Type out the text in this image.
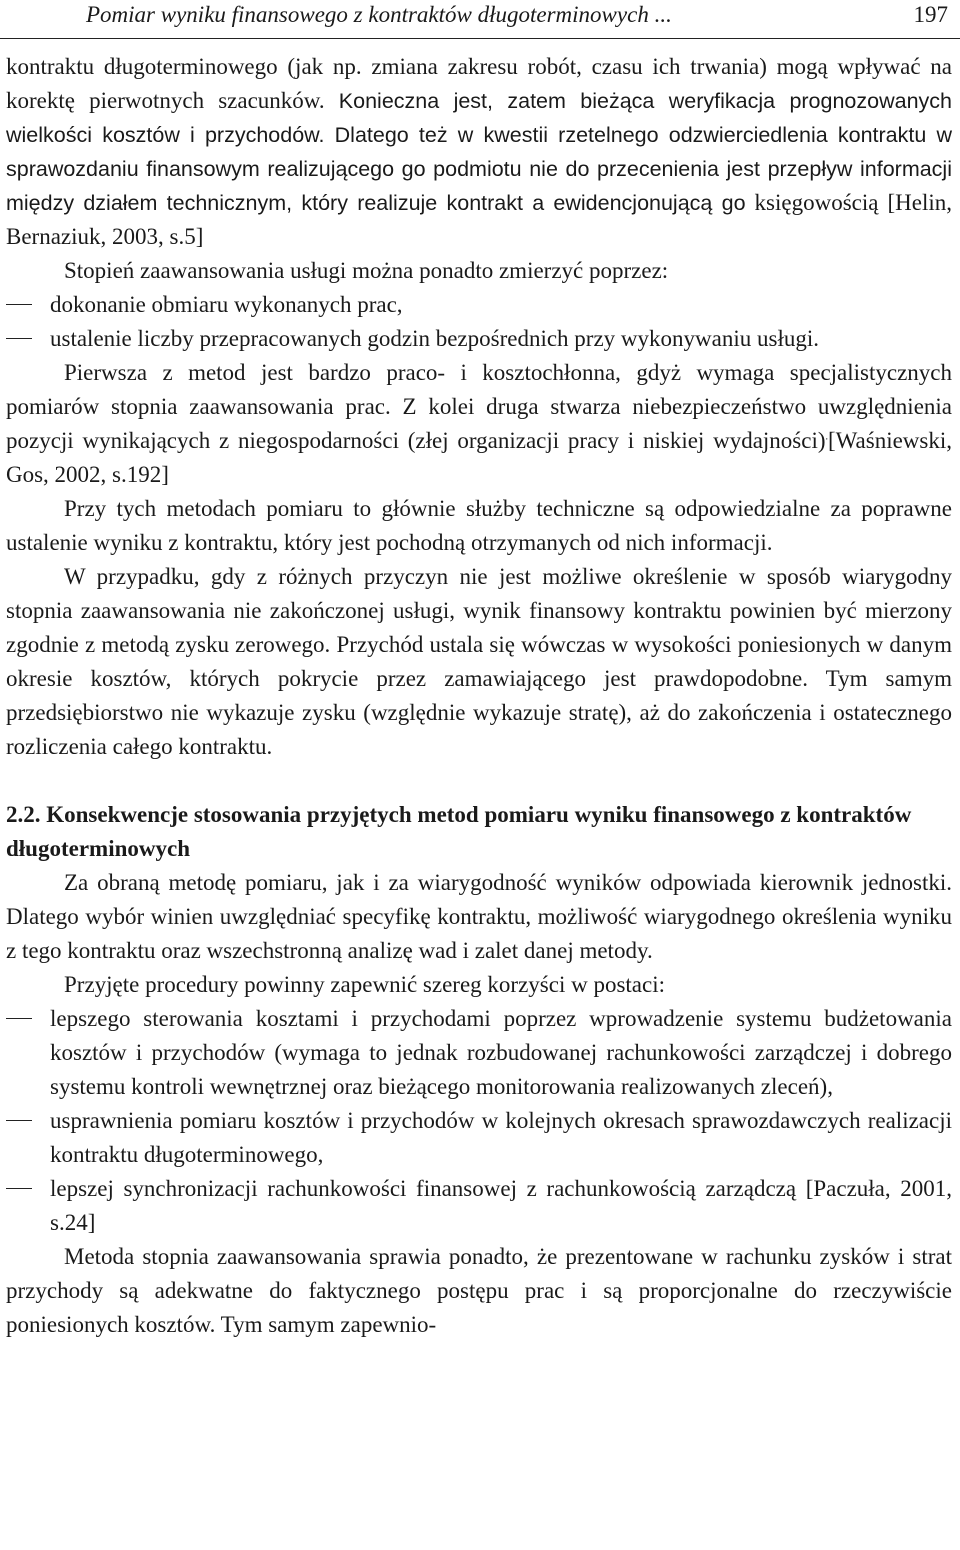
Pomiar wyniku finansowego z kontraktów długoterminowych ...	197

kontraktu długoterminowego (jak np. zmiana zakresu robót, czasu ich trwania) mogą wpływać na korektę pierwotnych szacunków. Konieczna jest, zatem bieżąca weryfikacja prognozowanych wielkości kosztów i przychodów. Dlatego też w kwestii rzetelnego odzwierciedlenia kontraktu w sprawozdaniu finansowym realizującego go podmiotu nie do przecenienia jest przepływ informacji między działem technicznym, który realizuje kontrakt a ewidencjonującą go księgowością [Helin, Bernaziuk, 2003, s.5]

Stopień zaawansowania usługi można ponadto zmierzyć poprzez:

dokonanie obmiaru wykonanych prac,
ustalenie liczby przepracowanych godzin bezpośrednich przy wykonywaniu usługi.

Pierwsza z metod jest bardzo praco- i kosztochłonna, gdyż wymaga specjalistycznych pomiarów stopnia zaawansowania prac. Z kolei druga stwarza niebezpieczeństwo uwzględnienia pozycji wynikających z niegospodarności (złej organizacji pracy i niskiej wydajności).[Waśniewski, Gos, 2002, s.192]

Przy tych metodach pomiaru to głównie służby techniczne są odpowiedzialne za poprawne ustalenie wyniku z kontraktu, który jest pochodną otrzymanych od nich informacji.

W przypadku, gdy z różnych przyczyn nie jest możliwe określenie w sposób wiarygodny stopnia zaawansowania nie zakończonej usługi, wynik finansowy kontraktu powinien być mierzony zgodnie z metodą zysku zerowego. Przychód ustala się wówczas w wysokości poniesionych w danym okresie kosztów, których pokrycie przez zamawiającego jest prawdopodobne. Tym samym przedsiębiorstwo nie wykazuje zysku (względnie wykazuje stratę), aż do zakończenia i ostatecznego rozliczenia całego kontraktu.

2.2. Konsekwencje stosowania przyjętych metod pomiaru wyniku finansowego z kontraktów długoterminowych

Za obraną metodę pomiaru, jak i za wiarygodność wyników odpowiada kierownik jednostki. Dlatego wybór winien uwzględniać specyfikę kontraktu, możliwość wiarygodnego określenia wyniku z tego kontraktu oraz wszechstronną analizę wad i zalet danej metody.

Przyjęte procedury powinny zapewnić szereg korzyści w postaci:

lepszego sterowania kosztami i przychodami poprzez wprowadzenie systemu budżetowania kosztów i przychodów (wymaga to jednak rozbudowanej rachunkowości zarządczej i dobrego systemu kontroli wewnętrznej oraz bieżącego monitorowania realizowanych zleceń),
usprawnienia pomiaru kosztów i przychodów w kolejnych okresach sprawozdawczych realizacji kontraktu długoterminowego,
lepszej synchronizacji rachunkowości finansowej z rachunkowością zarządczą [Paczuła, 2001, s.24]

Metoda stopnia zaawansowania sprawia ponadto, że prezentowane w rachunku zysków i strat przychody są adekwatne do faktycznego postępu prac i są proporcjonalne do rzeczywiście poniesionych kosztów. Tym samym zapewnio-
